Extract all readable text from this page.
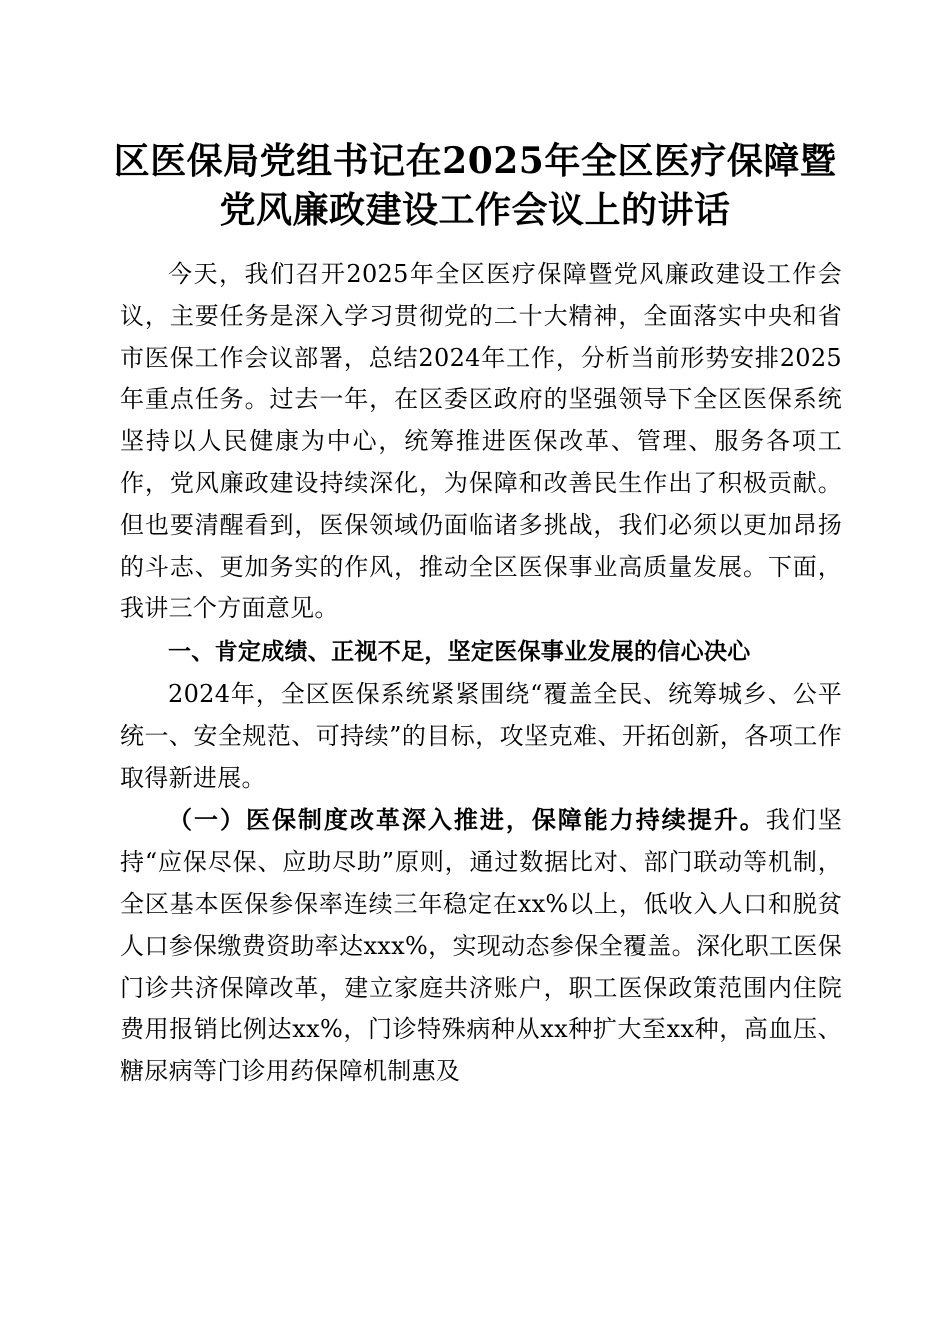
区医保局党组书记在2025年全区医疗保障暨
党风廉政建设工作会议上的讲话

今天，我们召开2025年全区医疗保障暨党风廉政建设工作会议，主要任务是深入学习贯彻党的二十大精神，全面落实中央和省市医保工作会议部署，总结2024年工作，分析当前形势安排2025年重点任务。过去一年，在区委区政府的坚强领导下全区医保系统坚持以人民健康为中心，统筹推进医保改革、管理、服务各项工作，党风廉政建设持续深化，为保障和改善民生作出了积极贡献。但也要清醒看到，医保领域仍面临诸多挑战，我们必须以更加昂扬的斗志、更加务实的作风，推动全区医保事业高质量发展。下面，我讲三个方面意见。

一、肯定成绩、正视不足，坚定医保事业发展的信心决心

2024年，全区医保系统紧紧围绕“覆盖全民、统筹城乡、公平统一、安全规范、可持续”的目标，攻坚克难、开拓创新，各项工作取得新进展。

（一）医保制度改革深入推进，保障能力持续提升。我们坚持“应保尽保、应助尽助”原则，通过数据比对、部门联动等机制，全区基本医保参保率连续三年稳定在xx%以上，低收入人口和脱贫人口参保缴费资助率达xxx%，实现动态参保全覆盖。深化职工医保门诊共济保障改革，建立家庭共济账户，职工医保政策范围内住院费用报销比例达xx%，门诊特殊病种从xx种扩大至xx种，高血压、糖尿病等门诊用药保障机制惠及
